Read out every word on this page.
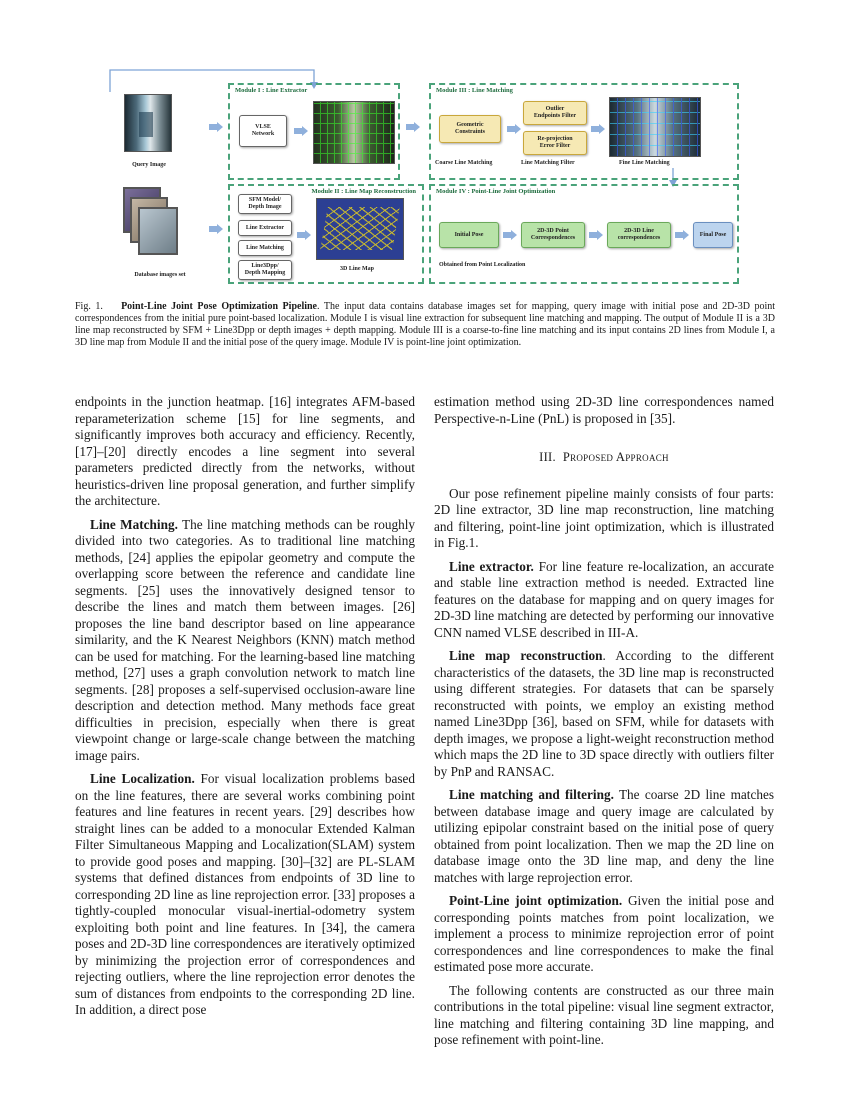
Query Image
Database images set
Module I : Line Extractor
VLSE
Network
Module III : Line Matching
Geometric
Constraints
Coarse Line Matching
Outlier
Endpoints Filter
Re-projection
Error Filter
Line Matching Filter	Fine Line Matching
Module II : Line Map Reconstruction
SFM Model/
Depth Image
Line Extractor
Line Matching
Line3Dpp/
Depth Mapping
3D Line Map
Module IV : Point-Line Joint Optimization
Initial Pose
2D-3D Point
Correspondences
2D-3D Line
correspondences
Final Pose
Obtained from Point Localization
Fig. 1. Point-Line Joint Pose Optimization Pipeline. The input data contains database images set for mapping, query image with initial pose and 2D-3D point correspondences from the initial pure point-based localization. Module I is visual line extraction for subsequent line matching and mapping. The output of Module II is a 3D line map reconstructed by SFM + Line3Dpp or depth images + depth mapping. Module III is a coarse-to-fine line matching and its input contains 2D lines from Module I, a 3D line map from Module II and the initial pose of the query image. Module IV is point-line joint optimization.

endpoints in the junction heatmap. [16] integrates AFM-based reparameterization scheme [15] for line segments, and significantly improves both accuracy and efficiency. Recently, [17]–[20] directly encodes a line segment into several parameters predicted directly from the networks, without heuristics-driven line proposal generation, and further simplify the architecture.

Line Matching. The line matching methods can be roughly divided into two categories. As to traditional line matching methods, [24] applies the epipolar geometry and compute the overlapping score between the reference and candidate line segments. [25] uses the innovatively designed tensor to describe the lines and match them between images. [26] proposes the line band descriptor based on line appearance similarity, and the K Nearest Neighbors (KNN) match method can be used for matching. For the learning-based line matching method, [27] uses a graph convolution network to match line segments. [28] proposes a self-supervised occlusion-aware line description and detection method. Many methods face great difficulties in precision, especially when there is great viewpoint change or large-scale change between the matching image pairs.

Line Localization. For visual localization problems based on the line features, there are several works combining point features and line features in recent years. [29] describes how straight lines can be added to a monocular Extended Kalman Filter Simultaneous Mapping and Localization(SLAM) system to provide good poses and mapping. [30]–[32] are PL-SLAM systems that defined distances from endpoints of 3D line to corresponding 2D line as line reprojection error. [33] proposes a tightly-coupled monocular visual-inertial-odometry system exploiting both point and line features. In [34], the camera poses and 2D-3D line correspondences are iteratively optimized by minimizing the projection error of correspondences and rejecting outliers, where the line reprojection error denotes the sum of distances from endpoints to the corresponding 2D line. In addition, a direct pose

estimation method using 2D-3D line correspondences named Perspective-n-Line (PnL) is proposed in [35].

III. Proposed Approach

Our pose refinement pipeline mainly consists of four parts: 2D line extractor, 3D line map reconstruction, line matching and filtering, point-line joint optimization, which is illustrated in Fig.1.

Line extractor. For line feature re-localization, an accurate and stable line extraction method is needed. Extracted line features on the database for mapping and on query images for 2D-3D line matching are detected by performing our innovative CNN named VLSE described in III-A.

Line map reconstruction. According to the different characteristics of the datasets, the 3D line map is reconstructed using different strategies. For datasets that can be sparsely reconstructed with points, we employ an existing method named Line3Dpp [36], based on SFM, while for datasets with depth images, we propose a light-weight reconstruction method which maps the 2D line to 3D space directly with outliers filter by PnP and RANSAC.

Line matching and filtering. The coarse 2D line matches between database image and query image are calculated by utilizing epipolar constraint based on the initial pose of query obtained from point localization. Then we map the 2D line on database image onto the 3D line map, and deny the line matches with large reprojection error.

Point-Line joint optimization. Given the initial pose and corresponding points matches from point localization, we implement a process to minimize reprojection error of point correspondences and line correspondences to make the final estimated pose more accurate.

The following contents are constructed as our three main contributions in the total pipeline: visual line segment extractor, line matching and filtering containing 3D line mapping, and pose refinement with point-line.
